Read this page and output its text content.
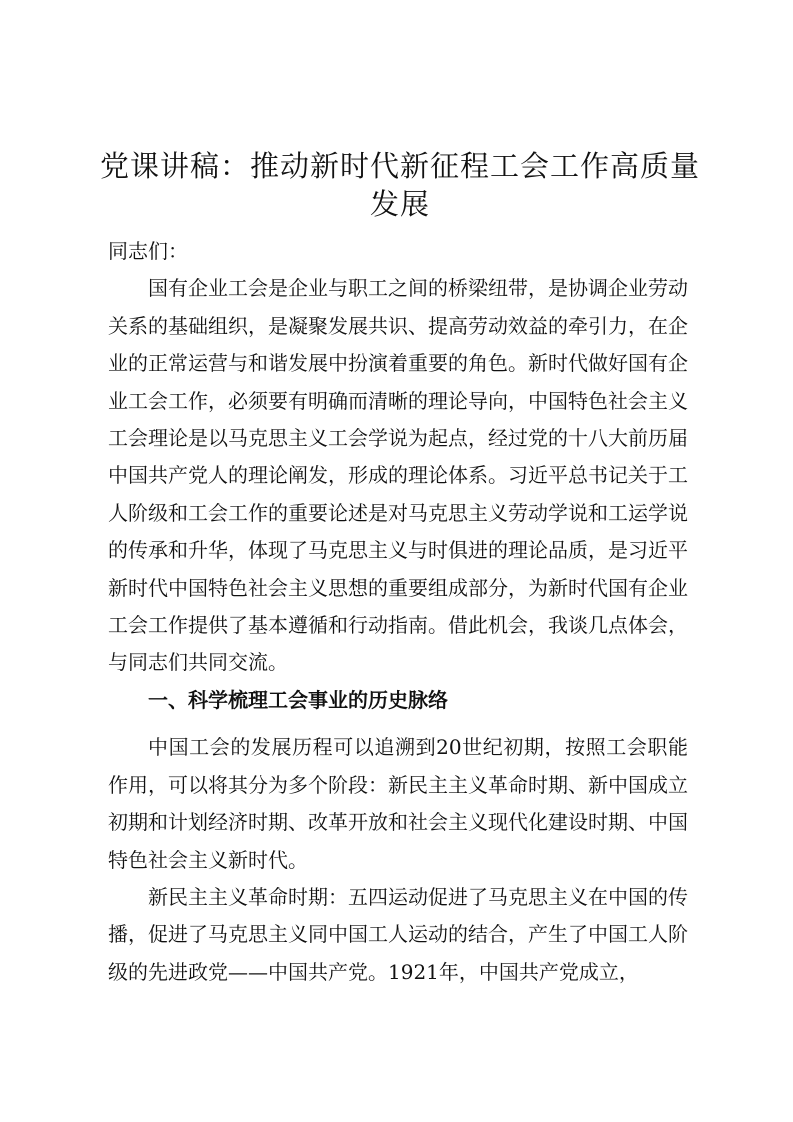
党课讲稿：推动新时代新征程工会工作高质量发展

同志们：

国有企业工会是企业与职工之间的桥梁纽带，是协调企业劳动关系的基础组织，是凝聚发展共识、提高劳动效益的牵引力，在企业的正常运营与和谐发展中扮演着重要的角色。新时代做好国有企业工会工作，必须要有明确而清晰的理论导向，中国特色社会主义工会理论是以马克思主义工会学说为起点，经过党的十八大前历届中国共产党人的理论阐发，形成的理论体系。习近平总书记关于工人阶级和工会工作的重要论述是对马克思主义劳动学说和工运学说的传承和升华，体现了马克思主义与时俱进的理论品质，是习近平新时代中国特色社会主义思想的重要组成部分，为新时代国有企业工会工作提供了基本遵循和行动指南。借此机会，我谈几点体会，与同志们共同交流。

一、科学梳理工会事业的历史脉络

中国工会的发展历程可以追溯到20世纪初期，按照工会职能作用，可以将其分为多个阶段：新民主主义革命时期、新中国成立初期和计划经济时期、改革开放和社会主义现代化建设时期、中国特色社会主义新时代。

新民主主义革命时期：五四运动促进了马克思主义在中国的传播，促进了马克思主义同中国工人运动的结合，产生了中国工人阶级的先进政党——中国共产党。1921年，中国共产党成立，
